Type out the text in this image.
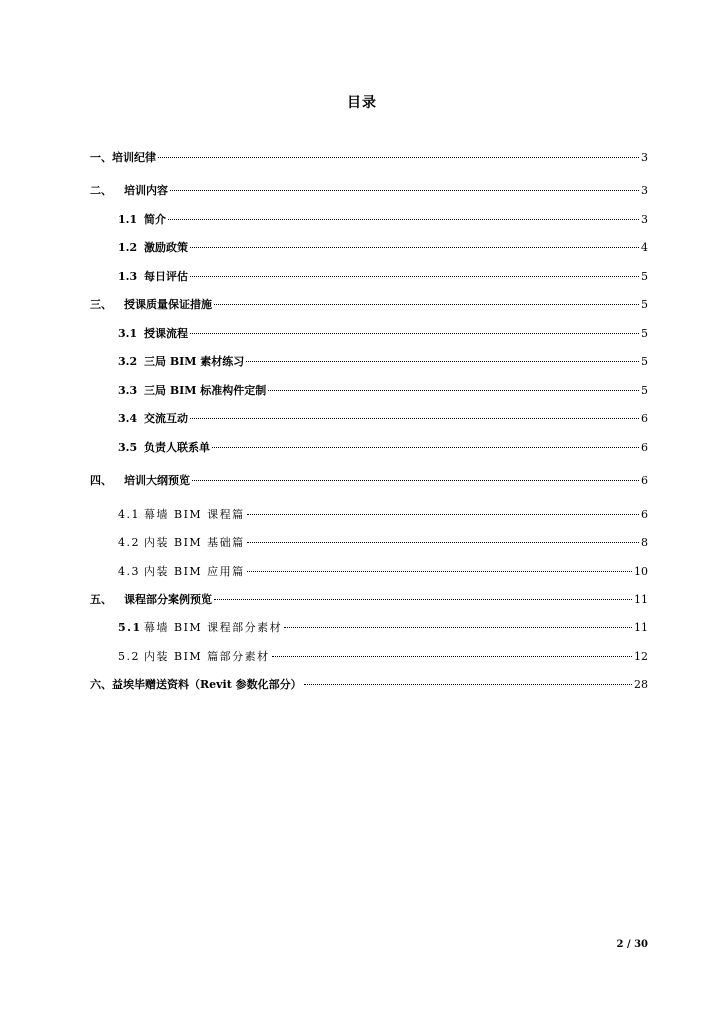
目录
一、 培训纪律	3
二、 培训内容	3
1.1 简介	3
1.2 激励政策	4
1.3 每日评估	5
三、 授课质量保证措施	5
3.1 授课流程	5
3.2 三局 BIM 素材练习	5
3.3 三局 BIM 标准构件定制	5
3.4 交流互动	6
3.5 负责人联系单	6
四、 培训大纲预览	6
4.1 幕墙 BIM 课程篇	6
4.2 内装 BIM 基础篇	8
4.3 内装 BIM 应用篇	10
五、 课程部分案例预览	11
5.1 幕墙 BIM 课程部分素材	11
5.2 内装 BIM 篇部分素材	12
六、 益埃毕赠送资料（Revit 参数化部分）	28
2 / 30
